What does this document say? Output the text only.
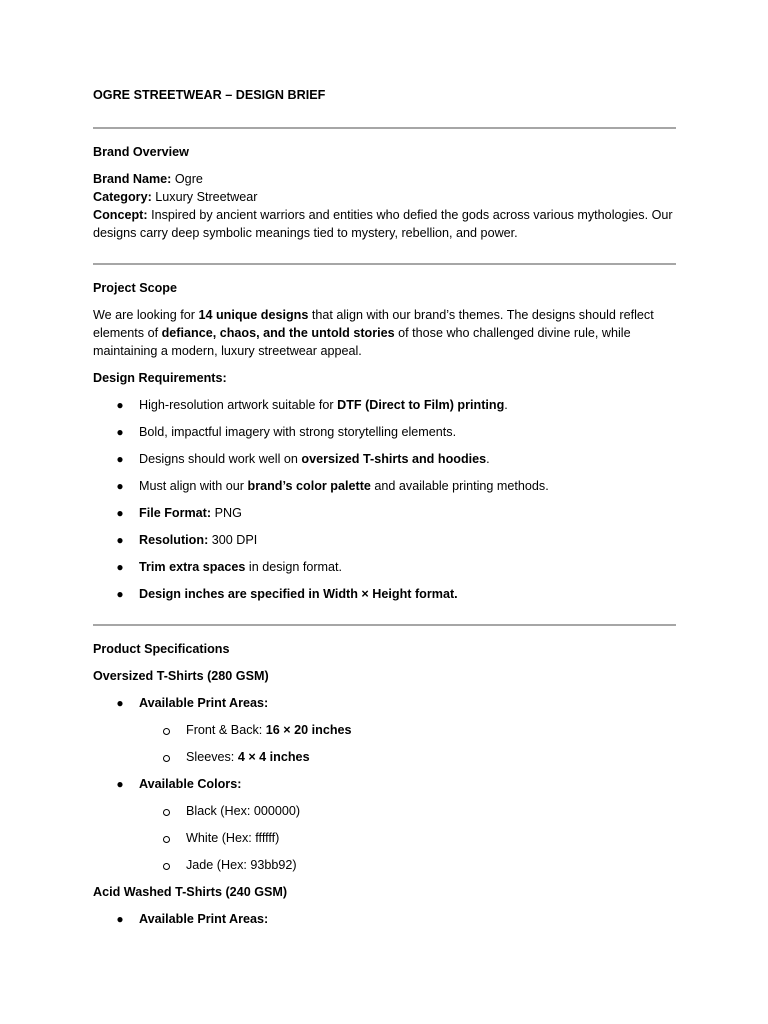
OGRE STREETWEAR – DESIGN BRIEF

Brand Overview

Brand Name: Ogre

Category: Luxury Streetwear

Concept: Inspired by ancient warriors and entities who defied the gods across various mythologies. Our designs carry deep symbolic meanings tied to mystery, rebellion, and power.

Project Scope

We are looking for 14 unique designs that align with our brand’s themes. The designs should reflect elements of defiance, chaos, and the untold stories of those who challenged divine rule, while maintaining a modern, luxury streetwear appeal.

Design Requirements:

● High-resolution artwork suitable for DTF (Direct to Film) printing.
● Bold, impactful imagery with strong storytelling elements.
● Designs should work well on oversized T-shirts and hoodies.
● Must align with our brand’s color palette and available printing methods.
● File Format: PNG
● Resolution: 300 DPI
● Trim extra spaces in design format.
● Design inches are specified in Width × Height format.

Product Specifications

Oversized T-Shirts (280 GSM)

● Available Print Areas:
Front & Back: 16 × 20 inches
Sleeves: 4 × 4 inches
● Available Colors:
Black (Hex: 000000)
White (Hex: ffffff)
Jade (Hex: 93bb92)

Acid Washed T-Shirts (240 GSM)

● Available Print Areas:
